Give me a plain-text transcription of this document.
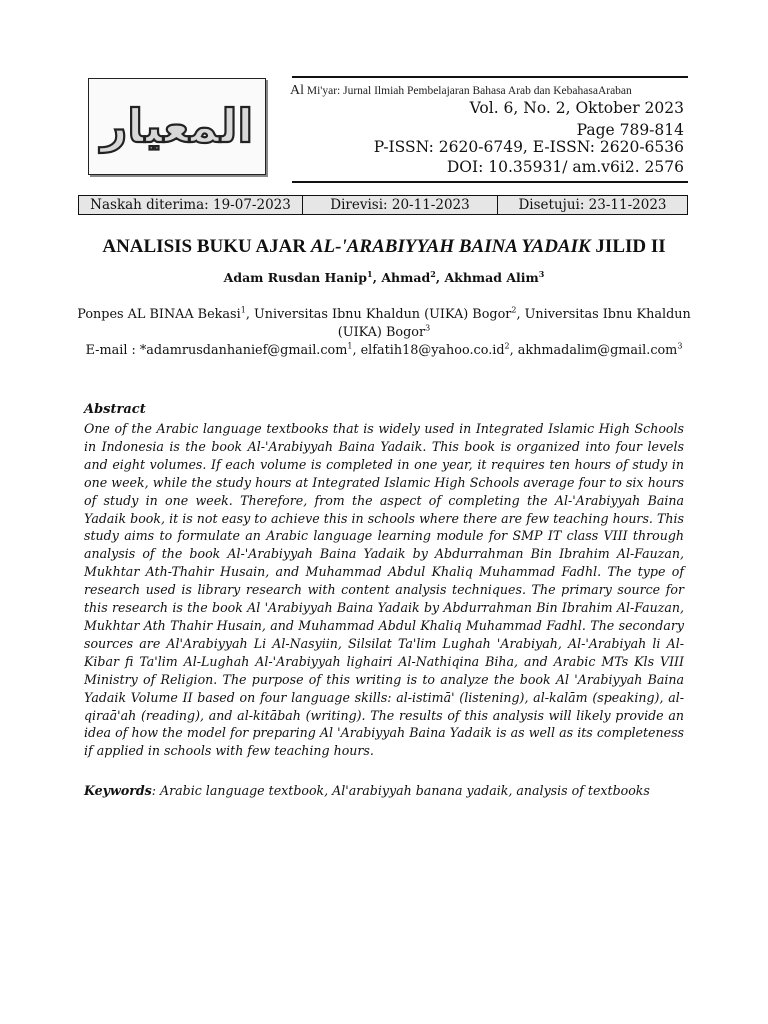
المعيار
Al Mi'yar: Jurnal Ilmiah Pembelajaran Bahasa Arab dan KebahasaAraban
Vol. 6, No. 2, Oktober 2023
Page 789-814
P-ISSN: 2620-6749, E-ISSN: 2620-6536
DOI: 10.35931/ am.v6i2. 2576
Naskah diterima: 19-07-2023	Direvisi: 20-11-2023	Disetujui: 23-11-2023
ANALISIS BUKU AJAR AL-'ARABIYYAH BAINA YADAIK JILID II
Adam Rusdan Hanip$^1$, Ahmad$^2$, Akhmad Alim$^3$
Ponpes AL BINAA Bekasi$^1$, Universitas Ibnu Khaldun (UIKA) Bogor$^2$, Universitas Ibnu Khaldun (UIKA) Bogor$^3$
E-mail : *adamrusdanhanief@gmail.com$^1$, $elfatih18@yahoo.co.id^2$, akhmadalim@gmail.com$^3$
Abstract
One of the Arabic language textbooks that is widely used in Integrated Islamic High Schools in Indonesia is the book Al-'Arabiyyah Baina Yadaik. This book is organized into four levels and eight volumes. If each volume is completed in one year, it requires ten hours of study in one week, while the study hours at Integrated Islamic High Schools average four to six hours of study in one week. Therefore, from the aspect of completing the Al-'Arabiyyah Baina Yadaik book, it is not easy to achieve this in schools where there are few teaching hours. This study aims to formulate an Arabic language learning module for SMP IT class VIII through analysis of the book Al-'Arabiyyah Baina Yadaik by Abdurrahman Bin Ibrahim Al-Fauzan, Mukhtar Ath-Thahir Husain, and Muhammad Abdul Khaliq Muhammad Fadhl. The type of research used is library research with content analysis techniques. The primary source for this research is the book Al 'Arabiyyah Baina Yadaik by Abdurrahman Bin Ibrahim Al-Fauzan, Mukhtar Ath Thahir Husain, and Muhammad Abdul Khaliq Muhammad Fadhl. The secondary sources are Al'Arabiyyah Li Al-Nasyiin, Silsilat Ta'lim Lughah 'Arabiyah, Al-'Arabiyah li Al-Kibar fi Ta'lim Al-Lughah Al-'Arabiyyah lighairi Al-Nathiqina Biha, and Arabic MTs Kls VIII Ministry of Religion. The purpose of this writing is to analyze the book Al 'Arabiyyah Baina Yadaik Volume II based on four language skills: al-istimā' (listening), al-kalām (speaking), al-qiraā'ah (reading), and al-kitābah (writing). The results of this analysis will likely provide an idea of how the model for preparing Al 'Arabiyyah Baina Yadaik is as well as its completeness if applied in schools with few teaching hours.
Keywords: Arabic language textbook, Al'arabiyyah banana yadaik, analysis of textbooks
